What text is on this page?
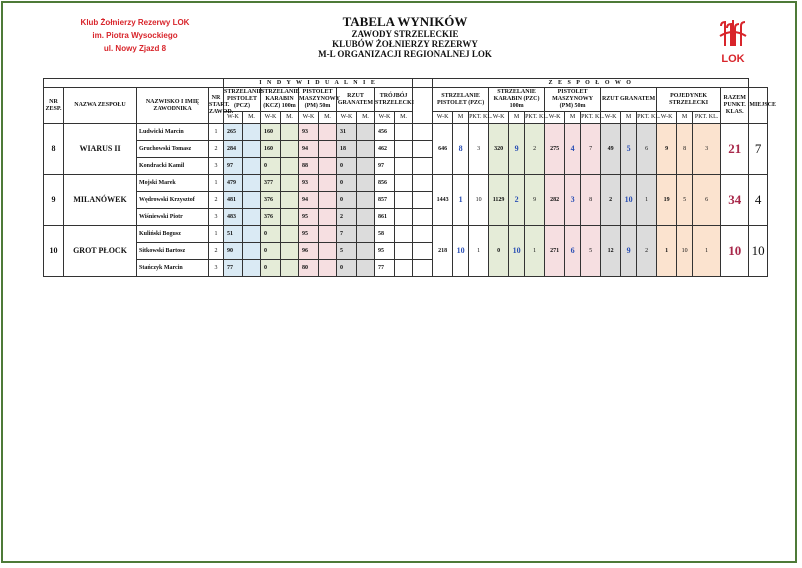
Klub Żołnierzy Rezerwy LOK
im. Piotra Wysockiego
ul. Nowy Zjazd 8
TABELA WYNIKÓW
ZAWODY STRZELECKIE
KLUBÓW ŻOŁNIERZY REZERWY
M-L ORGANIZACJI REGIONALNEJ LOK	LOK
				I N D Y W I D U A L N I E											Z E S P O Ł O W O																
NR ZESP.	NAZWA ZESPOŁU	NAZWISKO I IMIĘ ZAWODNIKA	NR START. ZAWOD.	STRZELANIE PISTOLET (PCZ)		STRZELANIE KARABIN (KCZ) 100m		PISTOLET MASZYNOWY (PM) 50m		RZUT GRANATEM		TRÓJBÓJ STRZELECKI			STRZELANIE PISTOLET (PZC)			STRZELANIE KARABIN (PZC) 100m			PISTOLET MASZYNOWY (PM) 50m			RZUT GRANATEM			POJEDYNEK STRZELECKI			RAZEM PUNKT. KLAS.	MIEJSCE
				W-K	M.	W-K	M.	W-K	M.	W-K	M.	W-K	M.		W-K	M	PKT. KL.	W-K	M	PKT. KL.	W-K	M	PKT. KL.	W-K	M	PKT. KL.	W-K	M	PKT. KL.		
8	WIARUS II	Ludwicki Marcin	1	265		160		93		31		456			646	8	3	320	9	2	275	4	7	49	5	6	9	8	3	21	7
		Gruchowski Tomasz	2	284		160		94		18		462																			
		Kondracki Kamil	3	97		0		88		0		97																			
9	MILANÓWEK	Mojski Marek	1	479		377		93		0		856			1443	1	10	1129	2	9	282	3	8	2	10	1	19	5	6	34	4
		Wędrowski Krzysztof	2	481		376		94		0		857																			
		Wiśniewski Piotr	3	483		376		95		2		861																			
10	GROT PŁOCK	Kuliński Bogusz	1	51		0		95		7		58			218	10	1	0	10	1	271	6	5	12	9	2	1	10	1	10	10
		Sitkowski Bartosz	2	90		0		96		5		95																			
		Stańczyk Marcin	3	77		0		80		0		77																			
